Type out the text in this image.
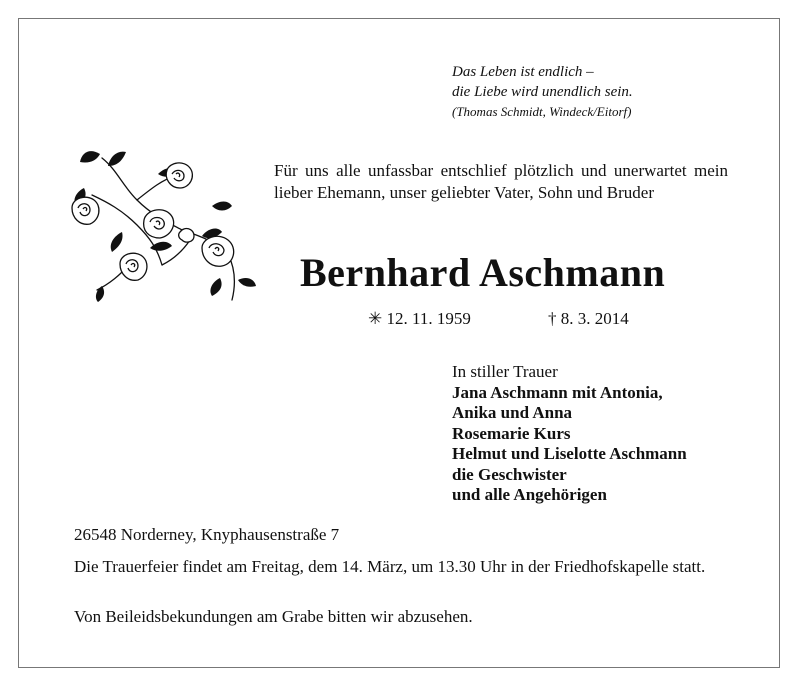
Das Leben ist endlich –
die Liebe wird unendlich sein.
(Thomas Schmidt, Windeck/Eitorf)
Für uns alle unfassbar entschlief plötzlich und unerwartet mein lieber Ehemann, unser geliebter Vater, Sohn und Bruder
Bernhard Aschmann
✳ 12. 11. 1959	† 8. 3. 2014
In stiller Trauer
Jana Aschmann mit Antonia,
Anika und Anna
Rosemarie Kurs
Helmut und Liselotte Aschmann
die Geschwister
und alle Angehörigen
26548 Norderney, Knyphausenstraße 7
Die Trauerfeier findet am Freitag, dem 14. März, um 13.30 Uhr in der Friedhofskapelle statt.
Von Beileidsbekundungen am Grabe bitten wir abzusehen.
